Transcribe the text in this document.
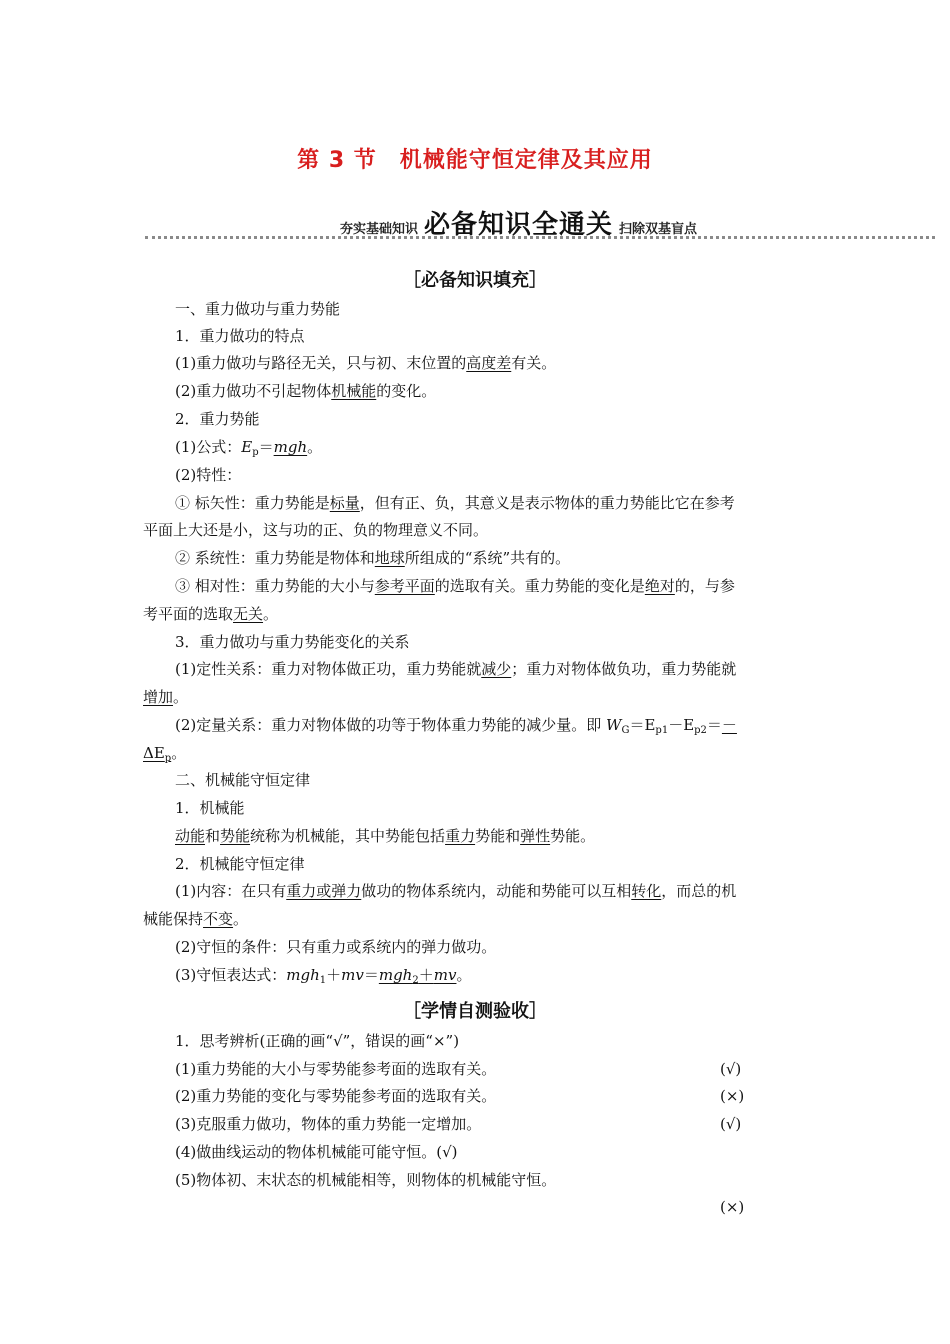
第 3 节　机械能守恒定律及其应用
夯实基础知识 必备知识全通关 扫除双基盲点
［必备知识填充］
一、重力做功与重力势能
1．重力做功的特点
(1)重力做功与路径无关，只与初、末位置的高度差有关。
(2)重力做功不引起物体机械能的变化。
2．重力势能
(1)公式：$E_p=mgh$。
(2)特性：
① 标矢性：重力势能是标量，但有正、负，其意义是表示物体的重力势能比它在参考
平面上大还是小，这与功的正、负的物理意义不同。
② 系统性：重力势能是物体和地球所组成的“系统”共有的。
③ 相对性：重力势能的大小与参考平面的选取有关。重力势能的变化是绝对的，与参
考平面的选取无关。
3．重力做功与重力势能变化的关系
(1)定性关系：重力对物体做正功，重力势能就减少；重力对物体做负功，重力势能就
增加。
(2)定量关系：重力对物体做的功等于物体重力势能的减少量。即 $W_G=E_{p1}-E_{p2}=-$
$\Delta E_p$。
二、机械能守恒定律
1．机械能
动能和势能统称为机械能，其中势能包括重力势能和弹性势能。
2．机械能守恒定律
(1)内容：在只有重力或弹力做功的物体系统内，动能和势能可以互相转化，而总的机
械能保持不变。
(2)守恒的条件：只有重力或系统内的弹力做功。
(3)守恒表达式：mgh$_1$＋mv＝mgh$_2$＋mv。
［学情自测验收］
1．思考辨析(正确的画“√”，错误的画“×”)
(1)重力势能的大小与零势能参考面的选取有关。	(√)
(2)重力势能的变化与零势能参考面的选取有关。	(×)
(3)克服重力做功，物体的重力势能一定增加。	(√)
(4)做曲线运动的物体机械能可能守恒。(√)
(5)物体初、末状态的机械能相等，则物体的机械能守恒。
(×)
